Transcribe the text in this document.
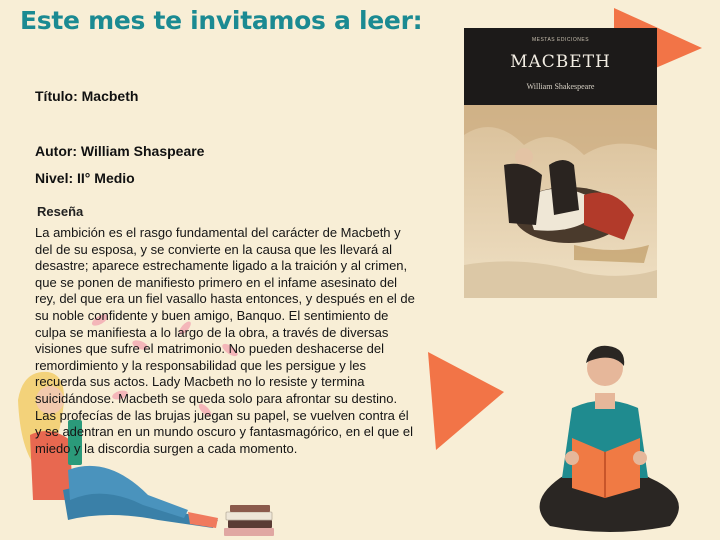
Este mes te invitamos a leer:
Título: Macbeth
Autor: William Shaspeare
Nivel: II° Medio
Reseña

La ambición es el rasgo fundamental del carácter de Macbeth y del de su esposa, y se convierte en la causa que les llevará al desastre; aparece estrechamente ligado a la traición y al crimen, que se ponen de manifiesto primero en el infame asesinato del rey, del que era un fiel vasallo hasta entonces, y después en el de su noble confidente y buen amigo, Banquo. El sentimiento de culpa se manifiesta a lo largo de la obra, a través de diversas visiones que sufre el matrimonio. No pueden deshacerse del remordimiento y la responsabilidad que les persigue y les recuerda sus actos. Lady Macbeth no lo resiste y termina suicidándose. Macbeth se queda solo para afrontar su destino. Las profecías de las brujas juegan su papel, se vuelven contra él y se adentran en un mundo oscuro y fantasmagórico, en el que el miedo y la discordia surgen a cada momento.

MESTAS EDICIONES
MACBETH
William Shakespeare
